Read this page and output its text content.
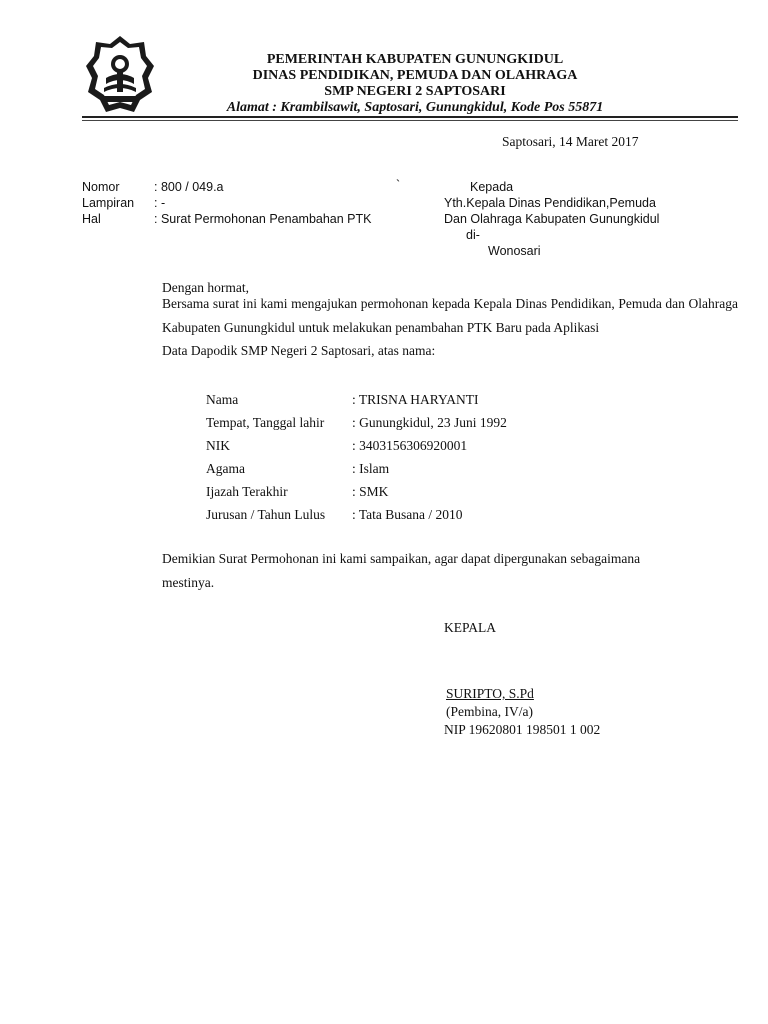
PEMERINTAH KABUPATEN GUNUNGKIDUL
DINAS PENDIDIKAN, PEMUDA DAN OLAHRAGA
SMP NEGERI 2 SAPTOSARI
Alamat : Krambilsawit, Saptosari, Gunungkidul, Kode Pos 55871
Saptosari, 14 Maret 2017
Nomor	: 800 / 049.a
Lampiran : -
Hal	: Surat Permohonan Penambahan PTK
`	Kepada
Yth.Kepala Dinas Pendidikan,Pemuda
Dan Olahraga Kabupaten Gunungkidul
di-
Wonosari
Dengan hormat,
Bersama surat ini kami mengajukan permohonan kepada Kepala Dinas Pendidikan, Pemuda dan Olahraga Kabupaten Gunungkidul untuk melakukan penambahan PTK Baru pada Aplikasi
Data Dapodik SMP Negeri 2 Saptosari, atas nama:
Nama	: TRISNA HARYANTI
Tempat, Tanggal lahir : Gunungkidul, 23 Juni 1992
NIK	: 3403156306920001
Agama	: Islam
Ijazah Terakhir	: SMK
Jurusan / Tahun Lulus : Tata Busana / 2010
Demikian Surat Permohonan ini kami sampaikan, agar dapat dipergunakan sebagaimana
mestinya.
KEPALA
SURIPTO, S.Pd
(Pembina, IV/a)
NIP 19620801 198501 1 002
